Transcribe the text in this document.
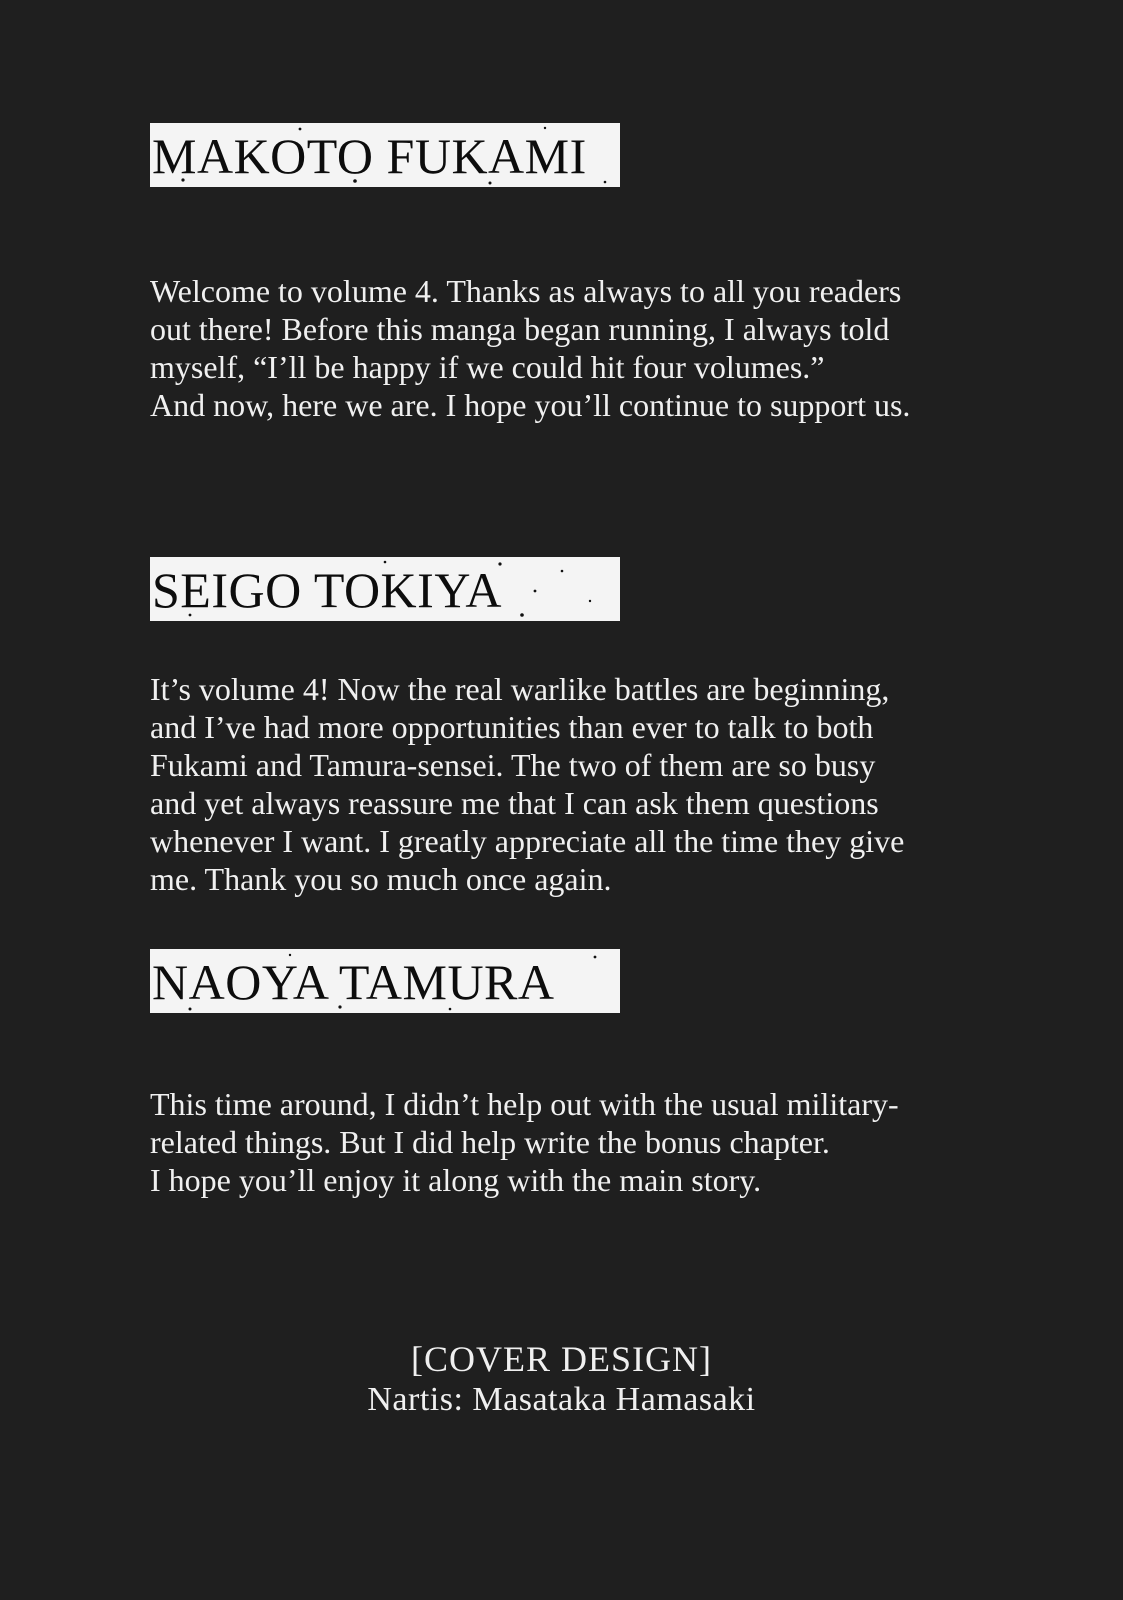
MAKOTO FUKAMI

Welcome to volume 4. Thanks as always to all you readers

out there! Before this manga began running, I always told

myself, “I’ll be happy if we could hit four volumes.”

And now, here we are. I hope you’ll continue to support us.

SEIGO TOKIYA

It’s volume 4! Now the real warlike battles are beginning,

and I’ve had more opportunities than ever to talk to both

Fukami and Tamura-sensei. The two of them are so busy

and yet always reassure me that I can ask them questions

whenever I want. I greatly appreciate all the time they give

me. Thank you so much once again.

NAOYA TAMURA

This time around, I didn’t help out with the usual military-

related things. But I did help write the bonus chapter.

I hope you’ll enjoy it along with the main story.

[COVER DESIGN]
Nartis: Masataka Hamasaki
